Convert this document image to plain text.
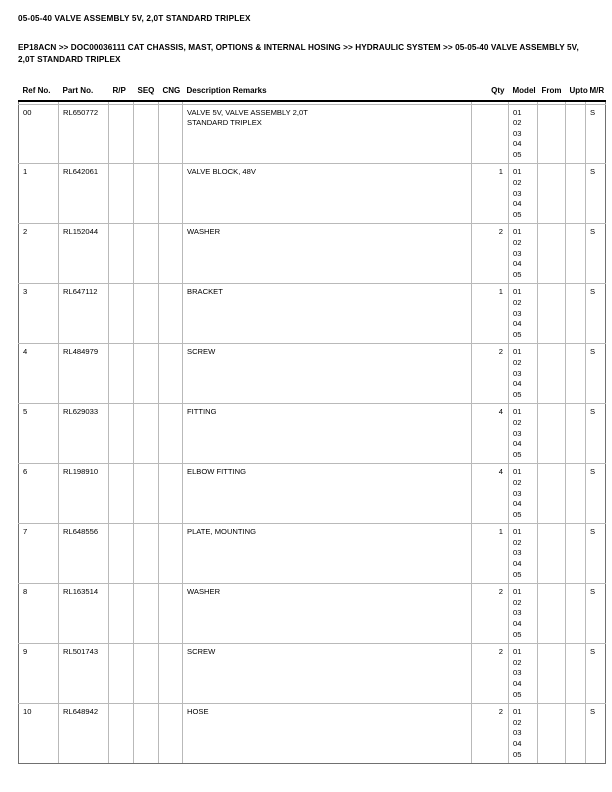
05-05-40 VALVE ASSEMBLY 5V, 2,0T STANDARD TRIPLEX
EP18ACN >> DOC00036111 CAT CHASSIS, MAST, OPTIONS & INTERNAL HOSING >> HYDRAULIC SYSTEM >> 05-05-40 VALVE ASSEMBLY 5V, 2,0T STANDARD TRIPLEX
Ref No.	Part No.	R/P	SEQ	CNG	Description Remarks	Qty	Model	From	Upto	M/R

00	RL650772				VALVE 5V, VALVE ASSEMBLY 2,0T
STANDARD TRIPLEX		01
02
03
04
05			S
1	RL642061				VALVE BLOCK, 48V	1	01
02
03
04
05			S
2	RL152044				WASHER	2	01
02
03
04
05			S
3	RL647112				BRACKET	1	01
02
03
04
05			S
4	RL484979				SCREW	2	01
02
03
04
05			S
5	RL629033				FITTING	4	01
02
03
04
05			S
6	RL198910				ELBOW FITTING	4	01
02
03
04
05			S
7	RL648556				PLATE, MOUNTING	1	01
02
03
04
05			S
8	RL163514				WASHER	2	01
02
03
04
05			S
9	RL501743				SCREW	2	01
02
03
04
05			S
10	RL648942				HOSE	2	01
02
03
04
05			S
